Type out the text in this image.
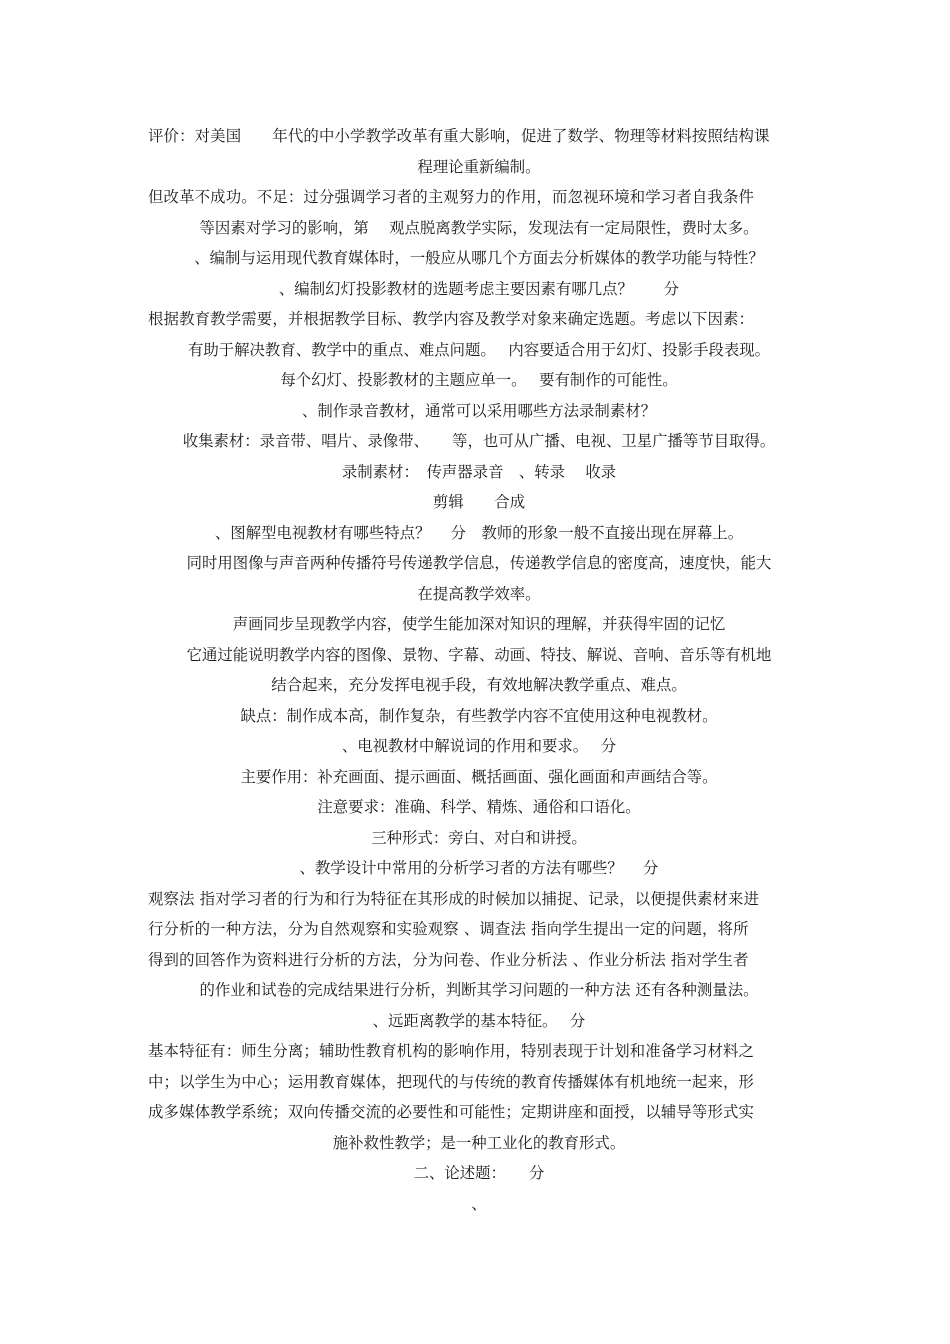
评价：对美国　　年代的中小学教学改革有重大影响，促进了数学、物理等材料按照结构课
程理论重新编制。
但改革不成功。不足：过分强调学习者的主观努力的作用，而忽视环境和学习者自我条件
等因素对学习的影响，第　 观点脱离教学实际，发现法有一定局限性，费时太多。
、编制与运用现代教育媒体时，一般应从哪几个方面去分析媒体的教学功能与特性？
、编制幻灯投影教材的选题考虑主要因素有哪几点？　　分
根据教育教学需要，并根据教学目标、教学内容及教学对象来确定选题。考虑以下因素：
有助于解决教育、教学中的重点、难点问题。　 内容要适合用于幻灯、投影手段表现。
每个幻灯、投影教材的主题应单一。　 要有制作的可能性。
、制作录音教材，通常可以采用哪些方法录制素材？
收集素材：录音带、唱片、录像带、　　等，也可从广播、电视、卫星广播等节目取得。
录制素材：　传声器录音　、转录　 收录
剪辑　　合成
、图解型电视教材有哪些特点？　 分　教师的形象一般不直接出现在屏幕上。
同时用图像与声音两种传播符号传递教学信息，传递教学信息的密度高，速度快，能大
在提高教学效率。
声画同步呈现教学内容，使学生能加深对知识的理解，并获得牢固的记忆
它通过能说明教学内容的图像、景物、字幕、动画、特技、解说、音响、音乐等有机地
结合起来，充分发挥电视手段，有效地解决教学重点、难点。
缺点：制作成本高，制作复杂，有些教学内容不宜使用这种电视教材。
、电视教材中解说词的作用和要求。　 分
主要作用：补充画面、提示画面、概括画面、强化画面和声画结合等。
注意要求：准确、科学、精炼、通俗和口语化。
三种形式：旁白、对白和讲授。
、教学设计中常用的分析学习者的方法有哪些？　 分
观察法 指对学习者的行为和行为特征在其形成的时候加以捕捉、记录，以便提供素材来进
行分析的一种方法，分为自然观察和实验观察 、调查法 指向学生提出一定的问题，将所
得到的回答作为资料进行分析的方法，分为问卷、作业分析法 、作业分析法 指对学生者
的作业和试卷的完成结果进行分析，判断其学习问题的一种方法 还有各种测量法。
、远距离教学的基本特征。　 分
基本特征有：师生分离；辅助性教育机构的影响作用，特别表现于计划和准备学习材料之
中；以学生为中心；运用教育媒体，把现代的与传统的教育传播媒体有机地统一起来，形
成多媒体教学系统；双向传播交流的必要性和可能性；定期讲座和面授，以辅导等形式实
施补救性教学；是一种工业化的教育形式。
二、论述题：　　分
、
